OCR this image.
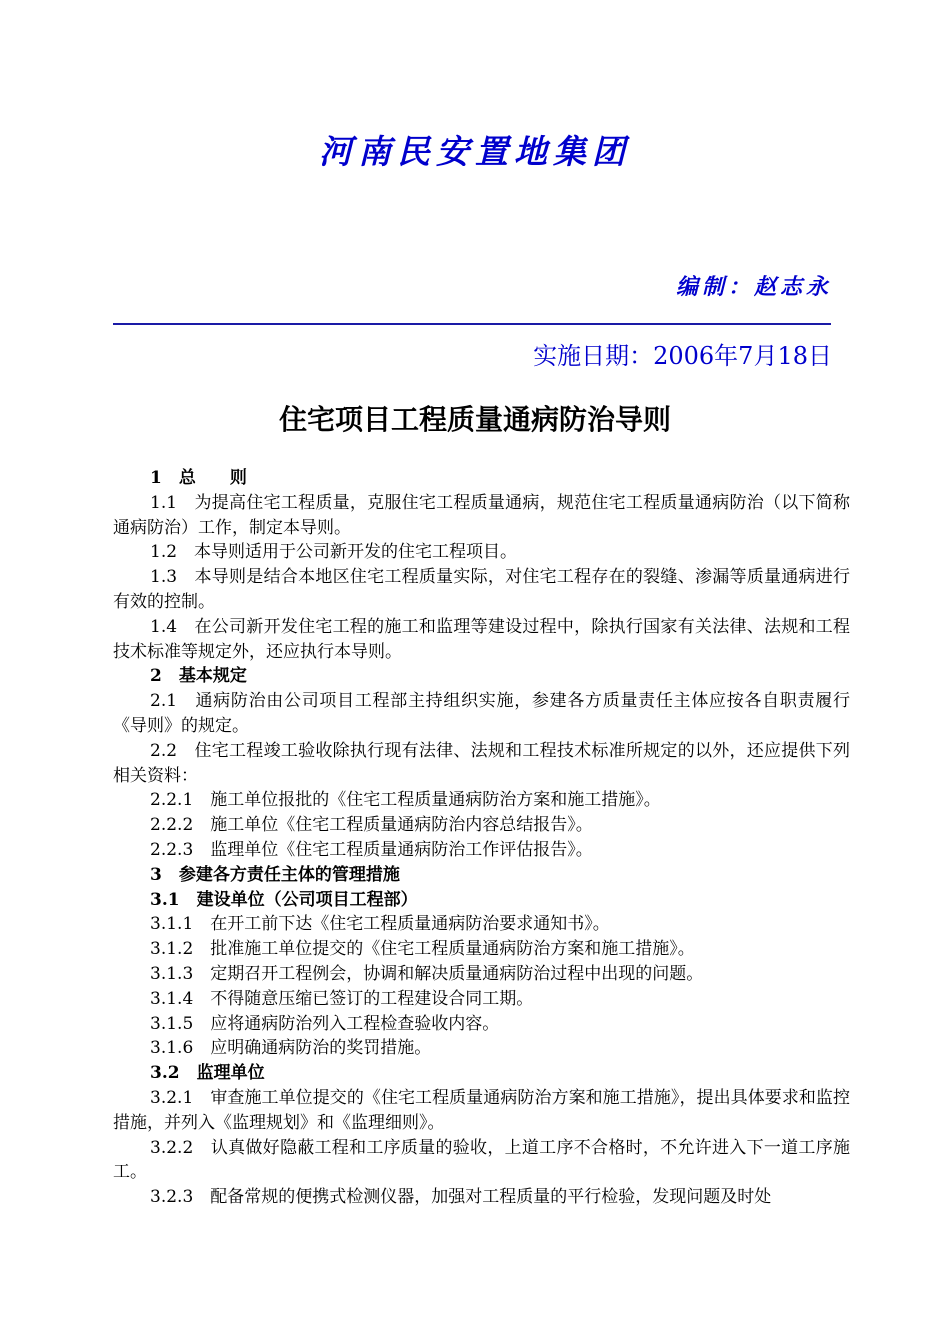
河南民安置地集团
编制：赵志永
实施日期：2006年7月18日
住宅项目工程质量通病防治导则

1　总　　则

1.1　为提高住宅工程质量，克服住宅工程质量通病，规范住宅工程质量通病防治（以下简称通病防治）工作，制定本导则。

1.2　本导则适用于公司新开发的住宅工程项目。

1.3　本导则是结合本地区住宅工程质量实际，对住宅工程存在的裂缝、渗漏等质量通病进行有效的控制。

1.4　在公司新开发住宅工程的施工和监理等建设过程中，除执行国家有关法律、法规和工程技术标准等规定外，还应执行本导则。

2　基本规定

2.1　通病防治由公司项目工程部主持组织实施，参建各方质量责任主体应按各自职责履行《导则》的规定。

2.2　住宅工程竣工验收除执行现有法律、法规和工程技术标准所规定的以外，还应提供下列相关资料：

2.2.1　施工单位报批的《住宅工程质量通病防治方案和施工措施》。

2.2.2　施工单位《住宅工程质量通病防治内容总结报告》。

2.2.3　监理单位《住宅工程质量通病防治工作评估报告》。

3　参建各方责任主体的管理措施

3.1　建设单位（公司项目工程部）

3.1.1　在开工前下达《住宅工程质量通病防治要求通知书》。

3.1.2　批准施工单位提交的《住宅工程质量通病防治方案和施工措施》。

3.1.3　定期召开工程例会，协调和解决质量通病防治过程中出现的问题。

3.1.4　不得随意压缩已签订的工程建设合同工期。

3.1.5　应将通病防治列入工程检查验收内容。

3.1.6　应明确通病防治的奖罚措施。

3.2　监理单位

3.2.1　审查施工单位提交的《住宅工程质量通病防治方案和施工措施》，提出具体要求和监控措施，并列入《监理规划》和《监理细则》。

3.2.2　认真做好隐蔽工程和工序质量的验收，上道工序不合格时，不允许进入下一道工序施工。

3.2.3　配备常规的便携式检测仪器，加强对工程质量的平行检验，发现问题及时处
